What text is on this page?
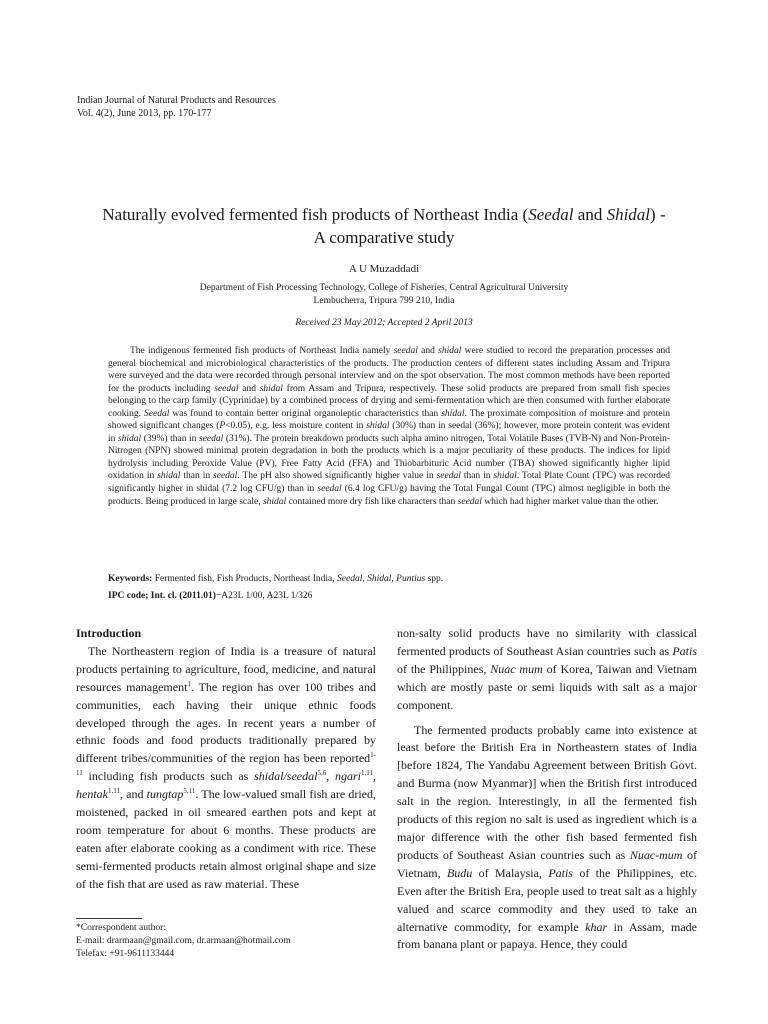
Indian Journal of Natural Products and Resources
Vol. 4(2), June 2013, pp. 170-177
Naturally evolved fermented fish products of Northeast India (Seedal and Shidal) -
A comparative study
A U Muzaddadi
Department of Fish Processing Technology, College of Fisheries, Central Agricultural University
Lembucherra, Tripura 799 210, India
Received 23 May 2012; Accepted 2 April 2013

The indigenous fermented fish products of Northeast India namely seedal and shidal were studied to record the preparation processes and general biochemical and microbiological characteristics of the products. The production centers of different states including Assam and Tripura were surveyed and the data were recorded through personal interview and on the spot observation. The most common methods have been reported for the products including seedal and shidal from Assam and Tripura, respectively. These solid products are prepared from small fish species belonging to the carp family (Cyprinidae) by a combined process of drying and semi-fermentation which are then consumed with further elaborate cooking. Seedal was found to contain better original organoleptic characteristics than shidal. The proximate composition of moisture and protein showed significant changes (P<0.05), e.g. less moisture content in shidal (30%) than in seedal (36%); however, more protein content was evident in shidal (39%) than in seedal (31%). The protein breakdown products such alpha amino nitrogen, Total Volatile Bases (TVB-N) and Non-Protein-Nitrogen (NPN) showed minimal protein degradation in both the products which is a major peculiarity of these products. The indices for lipid hydrolysis including Peroxide Value (PV), Free Fatty Acid (FFA) and Thiobarbituric Acid number (TBA) showed significantly higher lipid oxidation in shidal than in seedal. The pH also showed significantly higher value in seedal than in shidal. Total Plate Count (TPC) was recorded significantly higher in shidal (7.2 log CFU/g) than in seedal (6.4 log CFU/g) having the Total Fungal Count (TPC) almost negligible in both the products. Being produced in large scale, shidal contained more dry fish like characters than seedal which had higher market value than the other.

Keywords: Fermented fish, Fish Products, Northeast India, Seedal, Shidal, Puntius spp.
IPC code; Int. cl. (2011.01)−A23L 1/00, A23L 1/326
Introduction

 The Northeastern region of India is a treasure of natural products pertaining to agriculture, food, medicine, and natural resources management$^1$. The region has over 100 tribes and communities, each having their unique ethnic foods developed through the ages. In recent years a number of ethnic foods and food products traditionally prepared by different tribes/communities of the region has been reported$^{1-11}$ including fish products such as shidal/seedal$^{5,6}$, ngari$^{1,11}$, hentak$^{1,11}$, and tungtap$^{5,11}$. The low-valued small fish are dried, moistened, packed in oil smeared earthen pots and kept at room temperature for about 6 months. These products are eaten after elaborate cooking as a condiment with rice. These semi-fermented products retain almost original shape and size of the fish that are used as raw material. These

non-salty solid products have no similarity with classical fermented products of Southeast Asian countries such as Patis of the Philippines, Nuac mum of Korea, Taiwan and Vietnam which are mostly paste or semi liquids with salt as a major component.

The fermented products probably came into existence at least before the British Era in Northeastern states of India [before 1824, The Yandabu Agreement between British Govt. and Burma (now Myanmar)] when the British first introduced salt in the region. Interestingly, in all the fermented fish products of this region no salt is used as ingredient which is a major difference with the other fish based fermented fish products of Southeast Asian countries such as Nuac-mum of Vietnam, Budu of Malaysia, Patis of the Philippines, etc. Even after the British Era, people used to treat salt as a highly valued and scarce commodity and they used to take an alternative commodity, for example khar in Assam, made from banana plant or papaya. Hence, they could

*Correspondent author:
E-mail: drarmaan@gmail.com, dr.armaan@hotmail.com
Telefax: +91-9611133444
